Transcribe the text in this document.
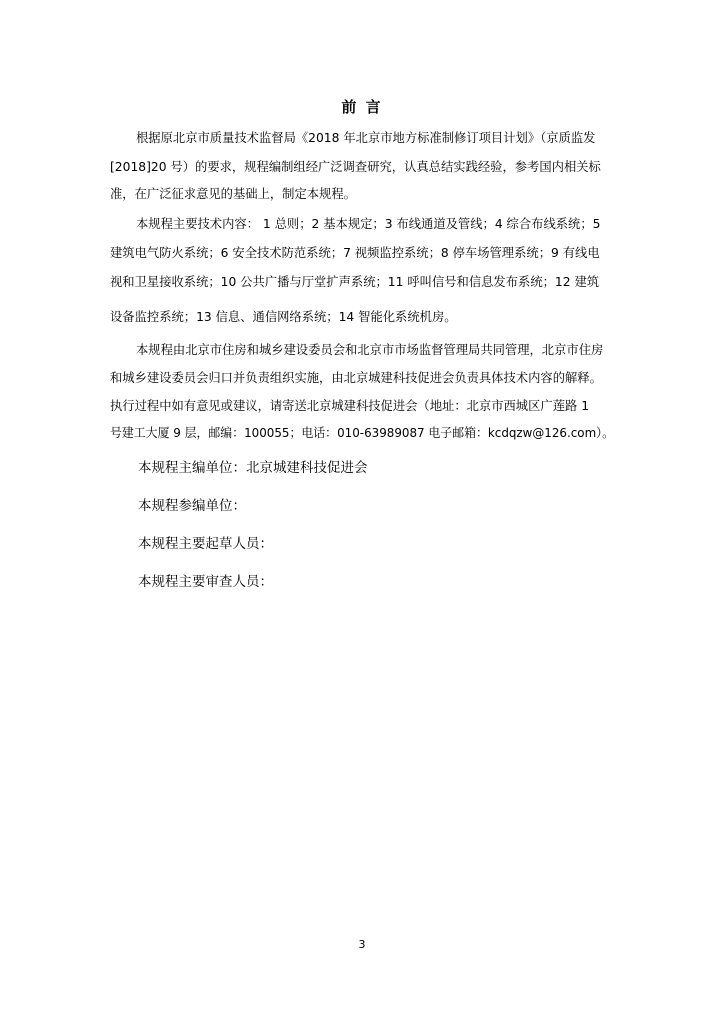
前 言
根据原北京市质量技术监督局《2018 年北京市地方标准制修订项目计划》（京质监发
[2018]20 号）的要求，规程编制组经广泛调查研究，认真总结实践经验，参考国内相关标
准，在广泛征求意见的基础上，制定本规程。
本规程主要技术内容： 1 总则；2 基本规定；3 布线通道及管线；4 综合布线系统；5
建筑电气防火系统；6 安全技术防范系统；7 视频监控系统；8 停车场管理系统；9 有线电
视和卫星接收系统；10 公共广播与厅堂扩声系统；11 呼叫信号和信息发布系统；12 建筑
设备监控系统；13 信息、通信网络系统；14 智能化系统机房。
本规程由北京市住房和城乡建设委员会和北京市市场监督管理局共同管理，北京市住房
和城乡建设委员会归口并负责组织实施，由北京城建科技促进会负责具体技术内容的解释。
执行过程中如有意见或建议，请寄送北京城建科技促进会（地址：北京市西城区广莲路 1
号建工大厦 9 层，邮编：100055；电话：010-63989087 电子邮箱：kcdqzw@126.com）。
本规程主编单位：北京城建科技促进会
本规程参编单位：
本规程主要起草人员：
本规程主要审查人员：
3
